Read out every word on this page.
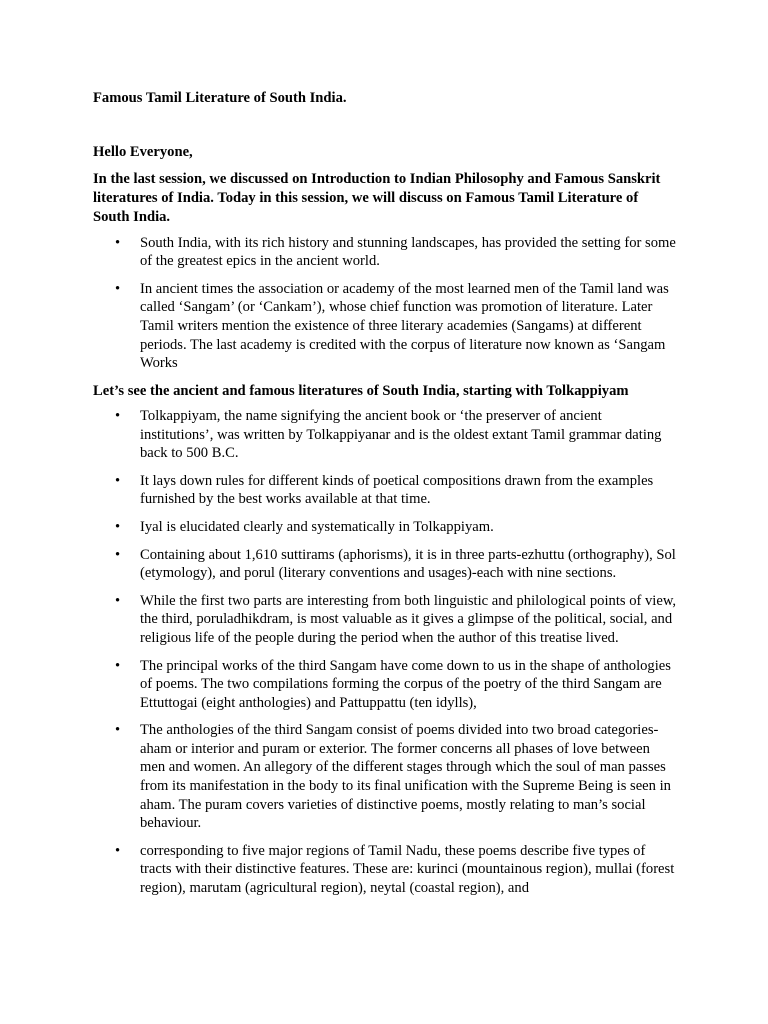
Famous Tamil Literature of South India.

Hello Everyone,

In the last session, we discussed on Introduction to Indian Philosophy and Famous Sanskrit literatures of India. Today in this session, we will discuss on Famous Tamil Literature of South India.

• South India, with its rich history and stunning landscapes, has provided the setting for some of the greatest epics in the ancient world.
• In ancient times the association or academy of the most learned men of the Tamil land was called ‘Sangam’ (or ‘Cankam’), whose chief function was promotion of literature. Later Tamil writers mention the existence of three literary academies (Sangams) at different periods. The last academy is credited with the corpus of literature now known as ‘Sangam Works

Let’s see the ancient and famous literatures of South India, starting with Tolkappiyam

• Tolkappiyam, the name signifying the ancient book or ‘the preserver of ancient institutions’, was written by Tolkappiyanar and is the oldest extant Tamil grammar dating back to 500 B.C.
• It lays down rules for different kinds of poetical compositions drawn from the examples furnished by the best works available at that time.
• Iyal is elucidated clearly and systematically in Tolkappiyam.
• Containing about 1,610 suttirams (aphorisms), it is in three parts-ezhuttu (orthography), Sol (etymology), and porul (literary conventions and usages)-each with nine sections.
• While the first two parts are interesting from both linguistic and philological points of view, the third, poruladhikdram, is most valuable as it gives a glimpse of the political, social, and religious life of the people during the period when the author of this treatise lived.
• The principal works of the third Sangam have come down to us in the shape of anthologies of poems. The two compilations forming the corpus of the poetry of the third Sangam are Ettuttogai (eight anthologies) and Pattuppattu (ten idylls),
• The anthologies of the third Sangam consist of poems divided into two broad categories-aham or interior and puram or exterior. The former concerns all phases of love between men and women. An allegory of the different stages through which the soul of man passes from its manifestation in the body to its final unification with the Supreme Being is seen in aham. The puram covers varieties of distinctive poems, mostly relating to man’s social behaviour.
• corresponding to five major regions of Tamil Nadu, these poems describe five types of tracts with their distinctive features. These are: kurinci (mountainous region), mullai (forest region), marutam (agricultural region), neytal (coastal region), and
